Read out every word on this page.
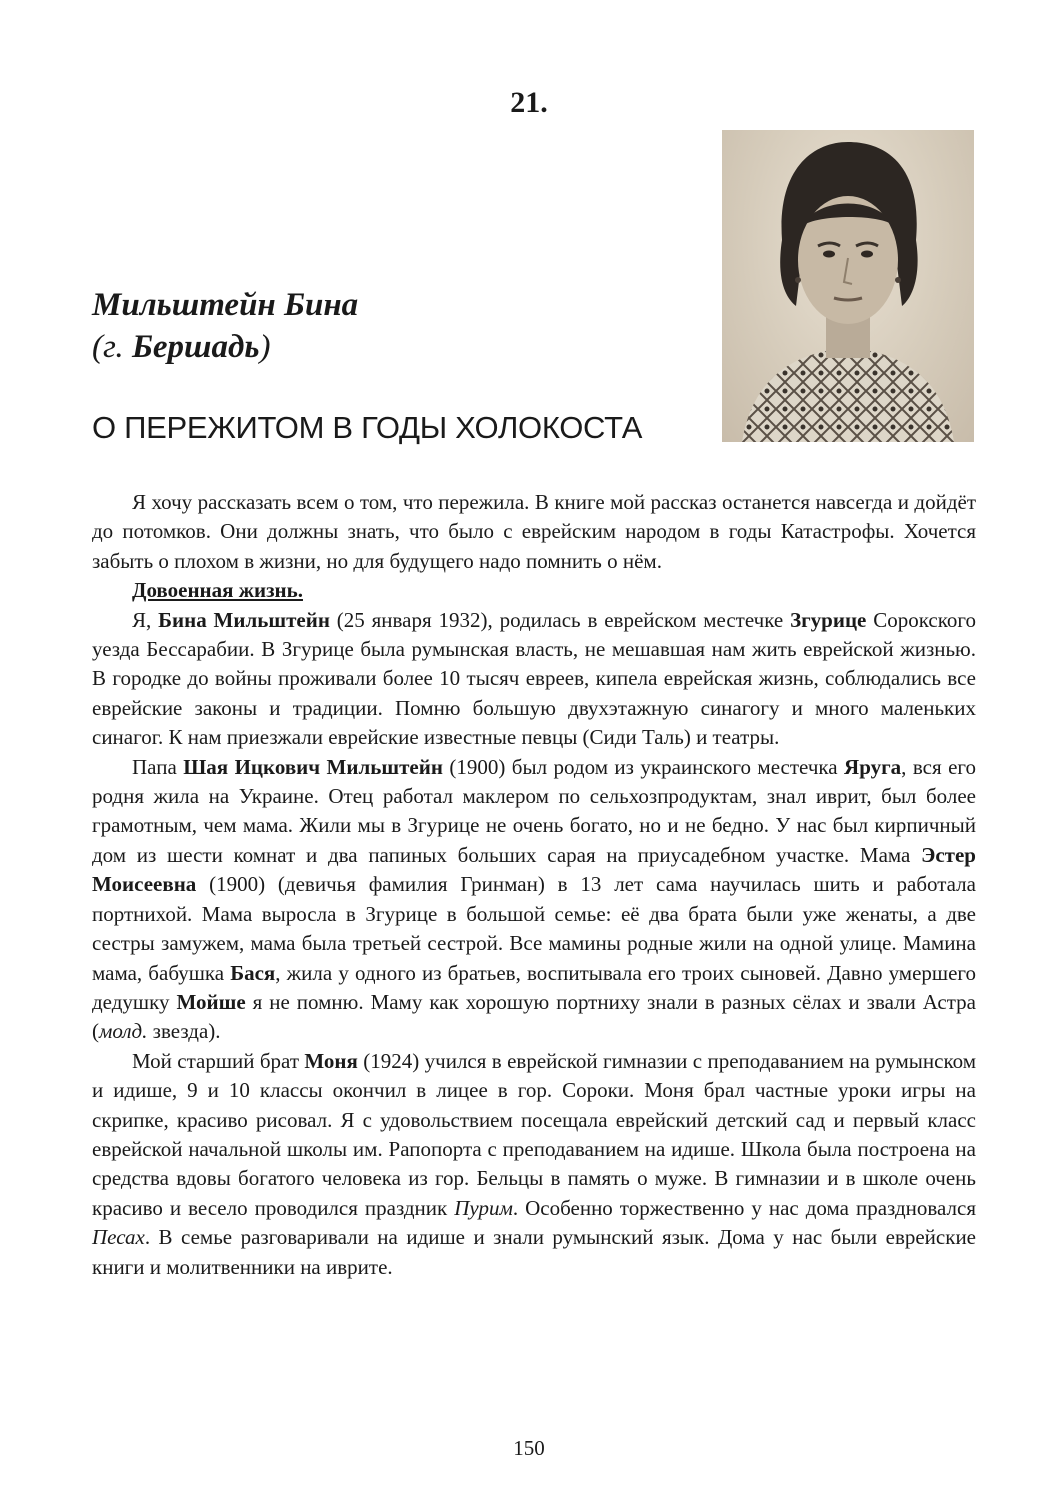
21.
Мильштейн Бина
(г. Бершадь)
О ПЕРЕЖИТОМ В ГОДЫ ХОЛОКОСТА

Я хочу рассказать всем о том, что пережила. В книге мой рассказ останется навсегда и дойдёт до потомков. Они должны знать, что было с еврейским народом в годы Катастрофы. Хочется забыть о плохом в жизни, но для будущего надо помнить о нём.

Довоенная жизнь.

Я, Бина Мильштейн (25 января 1932), родилась в еврейском местечке Згурице Сорокского уезда Бессарабии. В Згурице была румынская власть, не мешавшая нам жить еврейской жизнью. В городке до войны проживали более 10 тысяч евреев, кипела еврейская жизнь, соблюдались все еврейские законы и традиции. Помню большую двухэтажную синагогу и много маленьких синагог. К нам приезжали еврейские известные певцы (Сиди Таль) и театры.

Папа Шая Ицкович Мильштейн (1900) был родом из украинского местечка Яруга, вся его родня жила на Украине. Отец работал маклером по сельхозпродуктам, знал иврит, был более грамотным, чем мама. Жили мы в Згурице не очень богато, но и не бедно. У нас был кирпичный дом из шести комнат и два папиных больших сарая на приусадебном участке. Мама Эстер Моисеевна (1900) (девичья фамилия Гринман) в 13 лет сама научилась шить и работала портнихой. Мама выросла в Згурице в большой семье: её два брата были уже женаты, а две сестры замужем, мама была третьей сестрой. Все мамины родные жили на одной улице. Мамина мама, бабушка Бася, жила у одного из братьев, воспитывала его троих сыновей. Давно умершего дедушку Мойше я не помню. Маму как хорошую портниху знали в разных сёлах и звали Астра (молд. звезда).

Мой старший брат Моня (1924) учился в еврейской гимназии с преподаванием на румынском и идише, 9 и 10 классы окончил в лицее в гор. Сороки. Моня брал частные уроки игры на скрипке, красиво рисовал. Я с удовольствием посещала еврейский детский сад и первый класс еврейской начальной школы им. Рапопорта с преподаванием на идише. Школа была построена на средства вдовы богатого человека из гор. Бельцы в память о муже. В гимназии и в школе очень красиво и весело проводился праздник Пурим. Особенно торжественно у нас дома праздновался Песах. В семье разговаривали на идише и знали румынский язык. Дома у нас были еврейские книги и молитвенники на иврите.

150
